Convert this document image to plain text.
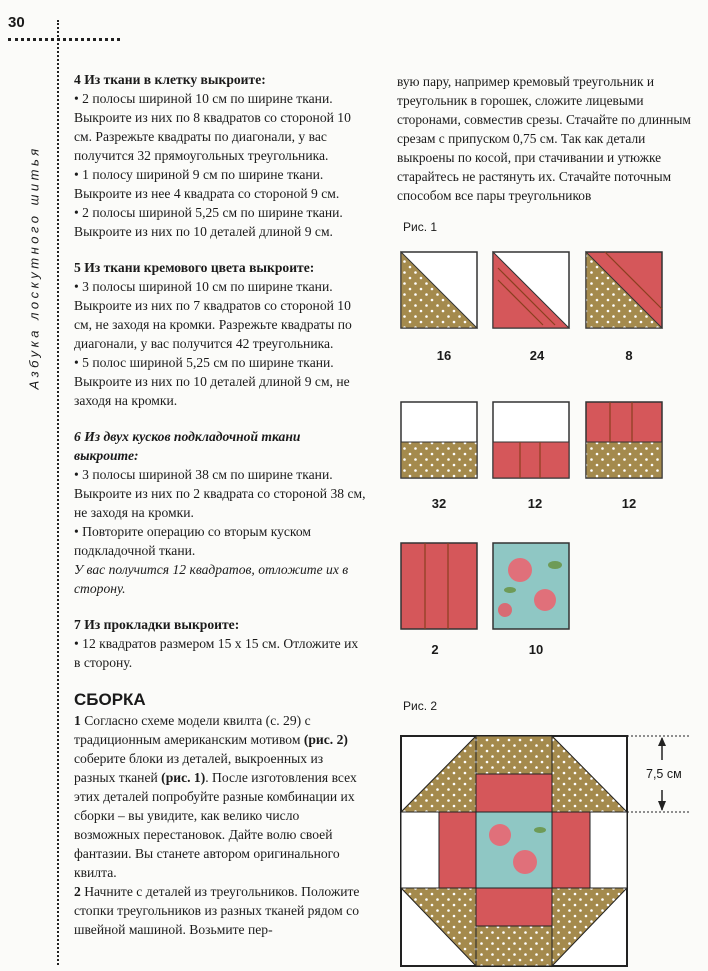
30
Азбука лоскутного шитья
4 Из ткани в клетку выкроите:

• 2 полосы шириной 10 см по ширине ткани. Выкроите из них по 8 квадратов со стороной 10 см. Разрежьте квадраты по диагонали, у вас получится 32 прямоугольных треугольника.

• 1 полосу шириной 9 см по ширине ткани. Выкроите из нее 4 квадрата со стороной 9 см.

• 2 полосы шириной 5,25 см по ширине ткани. Выкроите из них по 10 деталей длиной 9 см.

5 Из ткани кремового цвета выкроите:

• 3 полосы шириной 10 см по ширине ткани. Выкроите из них по 7 квадратов со стороной 10 см, не заходя на кромки. Разрежьте квадраты по диагонали, у вас получится 42 треугольника.

• 5 полос шириной 5,25 см по ширине ткани. Выкроите из них по 10 деталей длиной 9 см, не заходя на кромки.

6 Из двух кусков подкладочной ткани выкроите:

• 3 полосы шириной 38 см по ширине ткани. Выкроите из них по 2 квадрата со стороной 38 см, не заходя на кромки.

• Повторите операцию со вторым куском подкладочной ткани.

У вас получится 12 квадратов, отложите их в сторону.

7 Из прокладки выкроите:

• 12 квадратов размером 15 х 15 см. Отложите их в сторону.

СБОРКА

1 Согласно схеме модели квилта (с. 29) с традиционным американским мотивом (рис. 2) соберите блоки из деталей, выкроенных из разных тканей (рис. 1). После изготовления всех этих деталей попробуйте разные комбинации их сборки – вы увидите, как велико число возможных перестановок. Дайте волю своей фантазии. Вы станете автором оригинального квилта.

2 Начните с деталей из треугольников. Положите стопки треугольников из разных тканей рядом со швейной машиной. Возьмите пер-

вую пару, например кремовый треугольник и треугольник в горошек, сложите лицевыми сторонами, совместив срезы. Стачайте по длинным срезам с припуском 0,75 см. Так как детали выкроены по косой, при стачивании и утюжке старайтесь не растянуть их. Стачайте поточным способом все пары треугольников
Рис. 1
16	24	8
32	12	12
2	10
Рис. 2
7,5 см
